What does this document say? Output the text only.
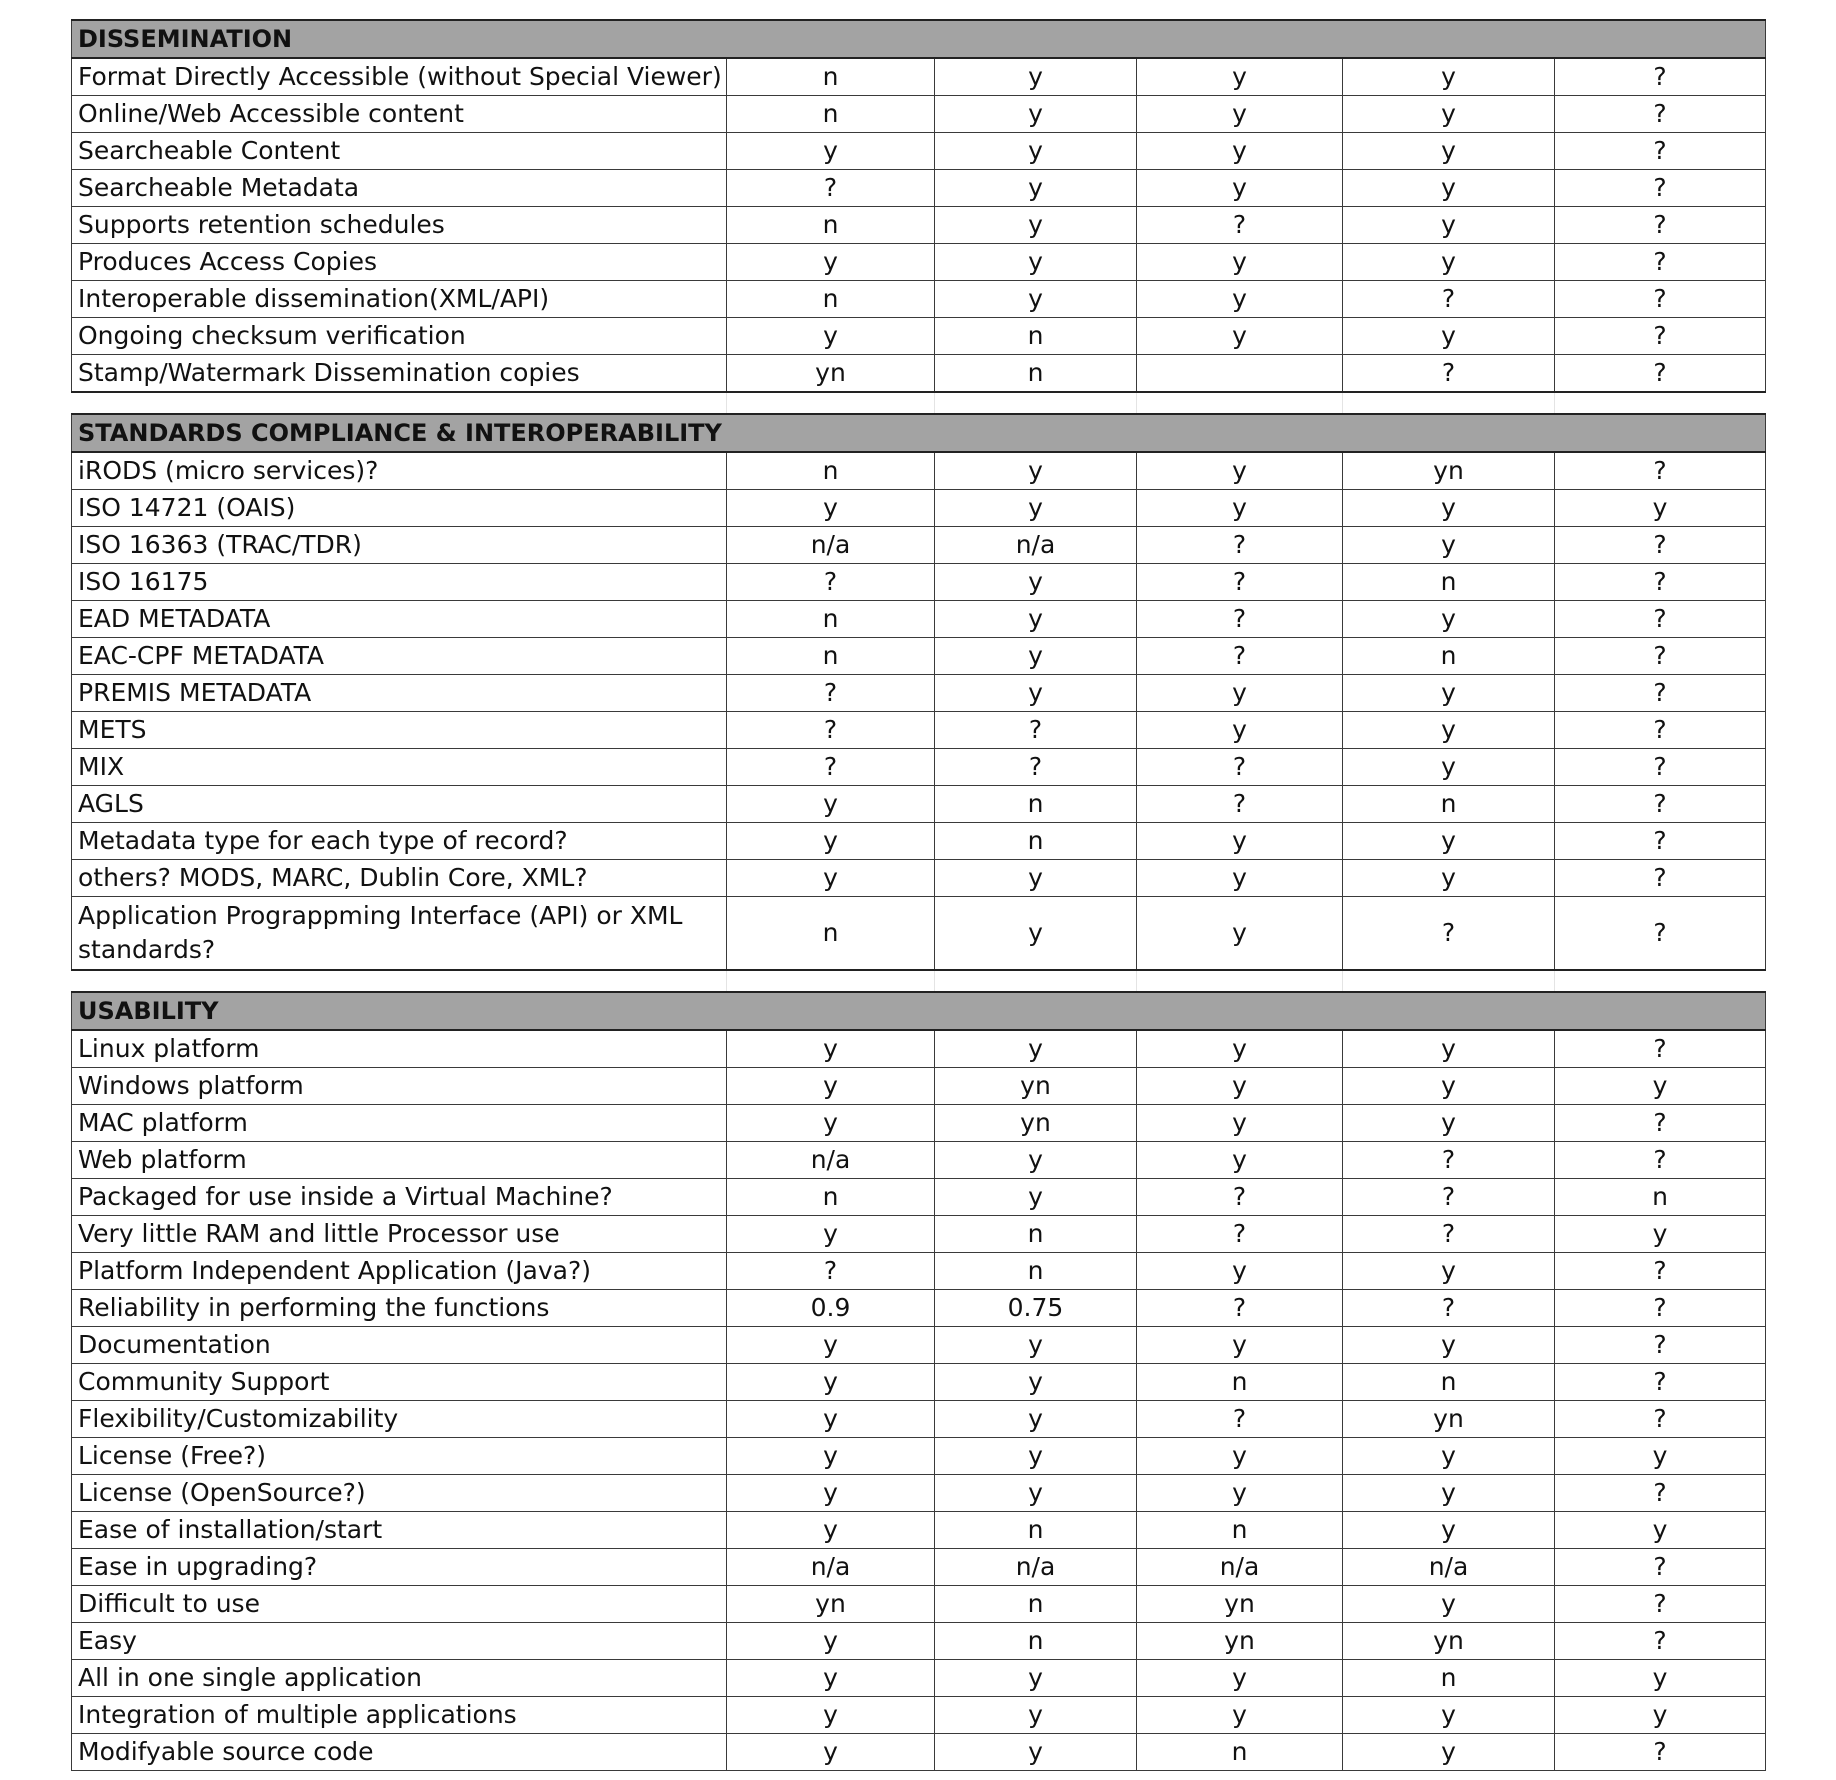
DISSEMINATION					
Format Directly Accessible (without Special Viewer)	n	y	y	y	?
Online/Web Accessible content	n	y	y	y	?
Searcheable Content	y	y	y	y	?
Searcheable Metadata	?	y	y	y	?
Supports retention schedules	n	y	?	y	?
Produces Access Copies	y	y	y	y	?
Interoperable dissemination(XML/API)	n	y	y	?	?
Ongoing checksum verification	y	n	y	y	?
Stamp/Watermark Dissemination copies	yn	n		?	?

STANDARDS COMPLIANCE & INTEROPERABILITY					
iRODS (micro services)?	n	y	y	yn	?
ISO 14721 (OAIS)	y	y	y	y	y
ISO 16363 (TRAC/TDR)	n/a	n/a	?	y	?
ISO 16175	?	y	?	n	?
EAD METADATA	n	y	?	y	?
EAC-CPF METADATA	n	y	?	n	?
PREMIS METADATA	?	y	y	y	?
METS	?	?	y	y	?
MIX	?	?	?	y	?
AGLS	y	n	?	n	?
Metadata type for each type of record?	y	n	y	y	?
others? MODS, MARC, Dublin Core, XML?	y	y	y	y	?
Application Prograppming Interface (API) or XML standards?	n	y	y	?	?

USABILITY					
Linux platform	y	y	y	y	?
Windows platform	y	yn	y	y	y
MAC platform	y	yn	y	y	?
Web platform	n/a	y	y	?	?
Packaged for use inside a Virtual Machine?	n	y	?	?	n
Very little RAM and little Processor use	y	n	?	?	y
Platform Independent Application (Java?)	?	n	y	y	?
Reliability in performing the functions	0.9	0.75	?	?	?
Documentation	y	y	y	y	?
Community Support	y	y	n	n	?
Flexibility/Customizability	y	y	?	yn	?
License (Free?)	y	y	y	y	y
License (OpenSource?)	y	y	y	y	?
Ease of installation/start	y	n	n	y	y
Ease in upgrading?	n/a	n/a	n/a	n/a	?
Difficult to use	yn	n	yn	y	?
Easy	y	n	yn	yn	?
All in one single application	y	y	y	n	y
Integration of multiple applications	y	y	y	y	y
Modifyable source code	y	y	n	y	?
